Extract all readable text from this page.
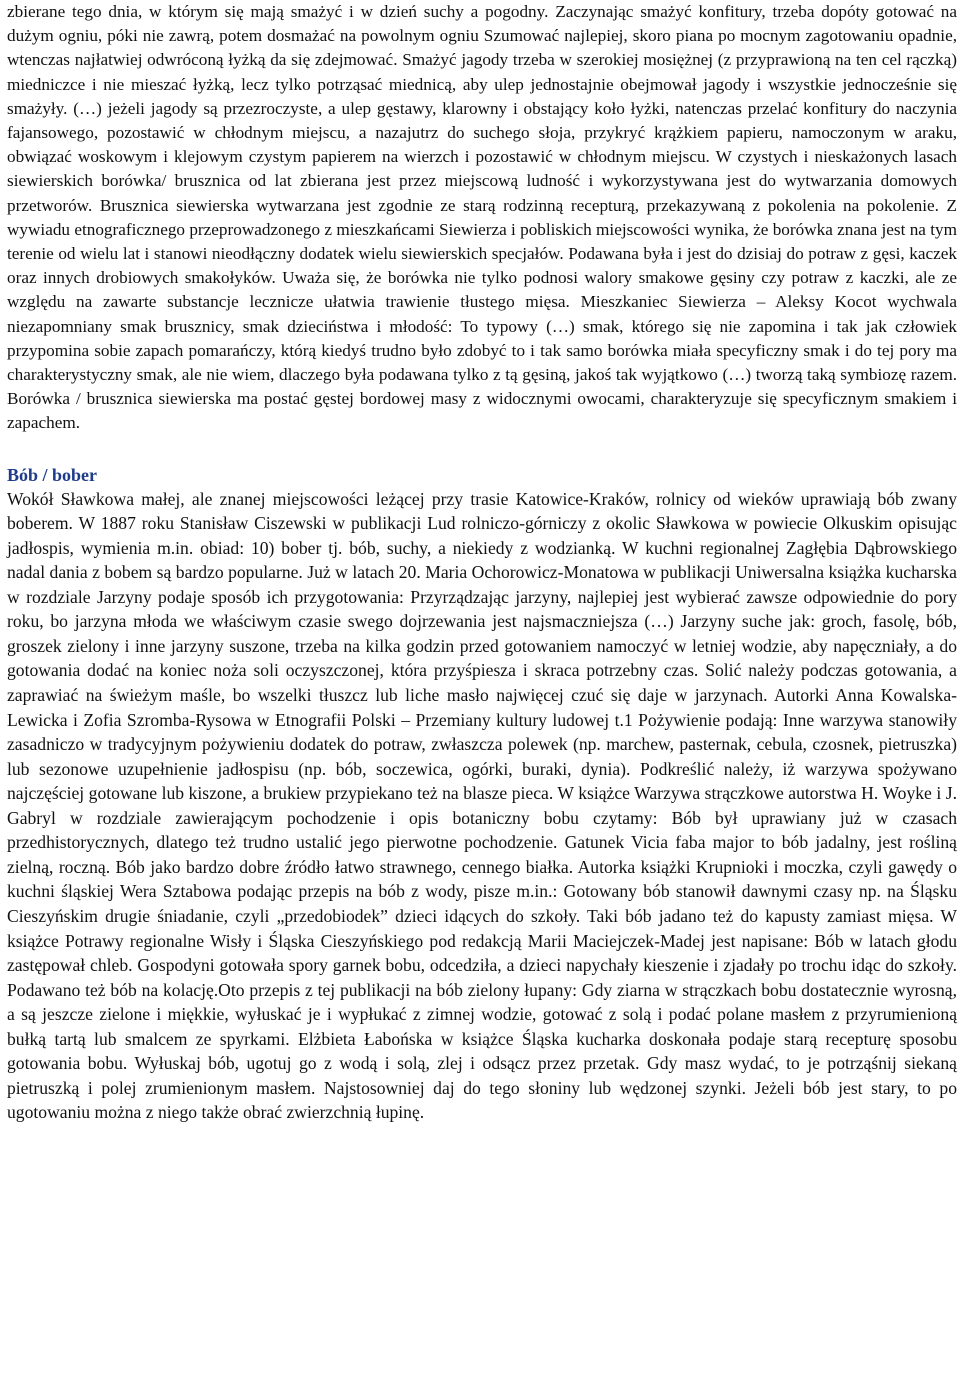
zbierane tego dnia, w którym się mają smażyć i w dzień suchy a pogodny. Zaczynając smażyć konfitury, trzeba dopóty gotować na dużym ogniu, póki nie zawrą, potem dosmażać na powolnym ogniu Szumować najlepiej, skoro piana po mocnym zagotowaniu opadnie, wtenczas najłatwiej odwróconą łyżką da się zdejmować. Smażyć jagody trzeba w szerokiej mosiężnej (z przyprawioną na ten cel rączką) miedniczce i nie mieszać łyżką, lecz tylko potrząsać miednicą, aby ulep jednostajnie obejmował jagody i wszystkie jednocześnie się smażyły. (…) jeżeli jagody są przezroczyste, a ulep gęstawy, klarowny i obstający koło łyżki, natenczas przelać konfitury do naczynia fajansowego, pozostawić w chłodnym miejscu, a nazajutrz do suchego słoja, przykryć krążkiem papieru, namoczonym w araku, obwiązać woskowym i klejowym czystym papierem na wierzch i pozostawić w chłodnym miejscu. W czystych i nieskażonych lasach siewierskich borówka/ brusznica od lat zbierana jest przez miejscową ludność i wykorzystywana jest do wytwarzania domowych przetworów. Brusznica siewierska wytwarzana jest zgodnie ze starą rodzinną recepturą, przekazywaną z pokolenia na pokolenie. Z wywiadu etnograficznego przeprowadzonego z mieszkańcami Siewierza i pobliskich miejscowości wynika, że borówka znana jest na tym terenie od wielu lat i stanowi nieodłączny dodatek wielu siewierskich specjałów. Podawana była i jest do dzisiaj do potraw z gęsi, kaczek oraz innych drobiowych smakołyków. Uważa się, że borówka nie tylko podnosi walory smakowe gęsiny czy potraw z kaczki, ale ze względu na zawarte substancje lecznicze ułatwia trawienie tłustego mięsa. Mieszkaniec Siewierza – Aleksy Kocot wychwala niezapomniany smak brusznicy, smak dzieciństwa i młodość: To typowy (…) smak, którego się nie zapomina i tak jak człowiek przypomina sobie zapach pomarańczy, którą kiedyś trudno było zdobyć to i tak samo borówka miała specyficzny smak i do tej pory ma charakterystyczny smak, ale nie wiem, dlaczego była podawana tylko z tą gęsiną, jakoś tak wyjątkowo (…) tworzą taką symbiozę razem. Borówka / brusznica siewierska ma postać gęstej bordowej masy z widocznymi owocami, charakteryzuje się specyficznym smakiem i zapachem.

Bób / bober

Wokół Sławkowa małej, ale znanej miejscowości leżącej przy trasie Katowice-Kraków, rolnicy od wieków uprawiają bób zwany boberem. W 1887 roku Stanisław Ciszewski w publikacji Lud rolniczo-górniczy z okolic Sławkowa w powiecie Olkuskim opisując jadłospis, wymienia m.in. obiad: 10) bober tj. bób, suchy, a niekiedy z wodzianką. W kuchni regionalnej Zagłębia Dąbrowskiego nadal dania z bobem są bardzo popularne. Już w latach 20. Maria Ochorowicz-Monatowa w publikacji Uniwersalna książka kucharska w rozdziale Jarzyny podaje sposób ich przygotowania: Przyrządzając jarzyny, najlepiej jest wybierać zawsze odpowiednie do pory roku, bo jarzyna młoda we właściwym czasie swego dojrzewania jest najsmaczniejsza (…) Jarzyny suche jak: groch, fasolę, bób, groszek zielony i inne jarzyny suszone, trzeba na kilka godzin przed gotowaniem namoczyć w letniej wodzie, aby napęczniały, a do gotowania dodać na koniec noża soli oczyszczonej, która przyśpiesza i skraca potrzebny czas. Solić należy podczas gotowania, a zaprawiać na świeżym maśle, bo wszelki tłuszcz lub liche masło najwięcej czuć się daje w jarzynach. Autorki Anna Kowalska-Lewicka i Zofia Szromba-Rysowa w Etnografii Polski – Przemiany kultury ludowej t.1 Pożywienie podają: Inne warzywa stanowiły zasadniczo w tradycyjnym pożywieniu dodatek do potraw, zwłaszcza polewek (np. marchew, pasternak, cebula, czosnek, pietruszka) lub sezonowe uzupełnienie jadłospisu (np. bób, soczewica, ogórki, buraki, dynia). Podkreślić należy, iż warzywa spożywano najczęściej gotowane lub kiszone, a brukiew przypiekano też na blasze pieca. W książce Warzywa strączkowe autorstwa H. Woyke i J. Gabryl w rozdziale zawierającym pochodzenie i opis botaniczny bobu czytamy: Bób był uprawiany już w czasach przedhistorycznych, dlatego też trudno ustalić jego pierwotne pochodzenie. Gatunek Vicia faba major to bób jadalny, jest rośliną zielną, roczną. Bób jako bardzo dobre źródło łatwo strawnego, cennego białka. Autorka książki Krupnioki i moczka, czyli gawędy o kuchni śląskiej Wera Sztabowa podając przepis na bób z wody, pisze m.in.: Gotowany bób stanowił dawnymi czasy np. na Śląsku Cieszyńskim drugie śniadanie, czyli „przedobiodek” dzieci idących do szkoły. Taki bób jadano też do kapusty zamiast mięsa. W książce Potrawy regionalne Wisły i Śląska Cieszyńskiego pod redakcją Marii Maciejczek-Madej jest napisane: Bób w latach głodu zastępował chleb. Gospodyni gotowała spory garnek bobu, odcedziła, a dzieci napychały kieszenie i zjadały po trochu idąc do szkoły. Podawano też bób na kolację.Oto przepis z tej publikacji na bób zielony łupany: Gdy ziarna w strączkach bobu dostatecznie wyrosną, a są jeszcze zielone i miękkie, wyłuskać je i wypłukać z zimnej wodzie, gotować z solą i podać polane masłem z przyrumienioną bułką tartą lub smalcem ze spyrkami. Elżbieta Łabońska w książce Śląska kucharka doskonała podaje starą recepturę sposobu gotowania bobu. Wyłuskaj bób, ugotuj go z wodą i solą, zlej i odsącz przez przetak. Gdy masz wydać, to je potrząśnij siekaną pietruszką i polej zrumienionym masłem. Najstosowniej daj do tego słoniny lub wędzonej szynki. Jeżeli bób jest stary, to po ugotowaniu można z niego także obrać zwierzchnią łupinę.
